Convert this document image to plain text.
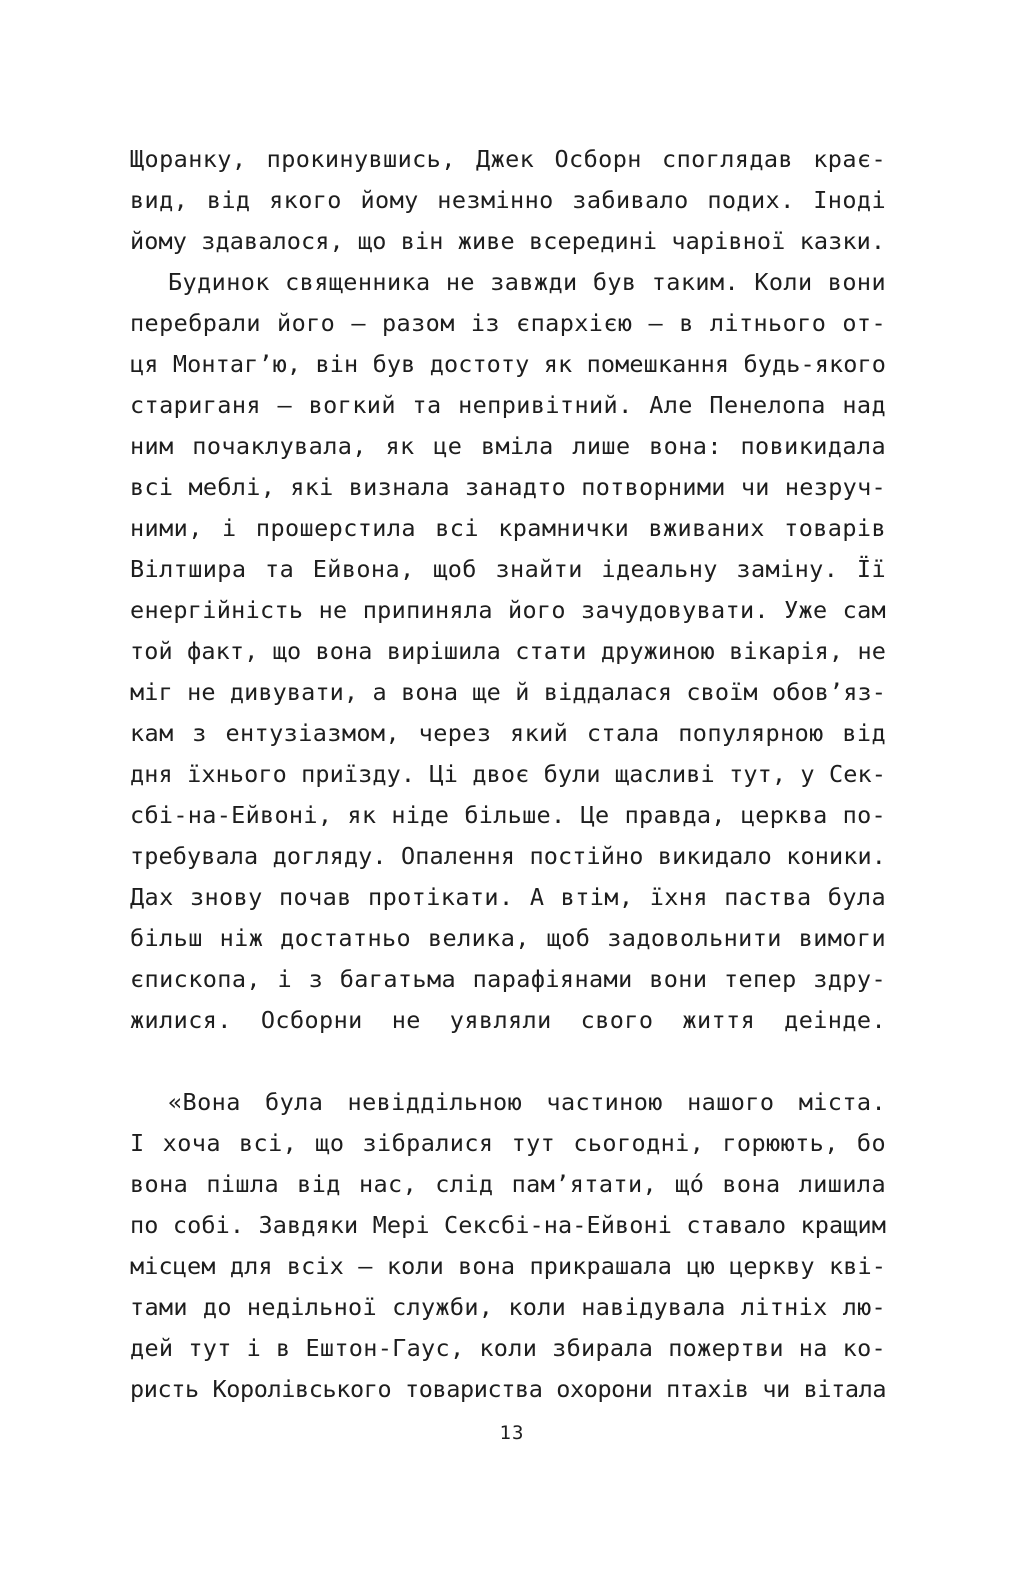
Щоранку, прокинувшись, Джек Осборн споглядав крає-
вид, від якого йому незмінно забивало подих. Іноді
йому здавалося, що він живе всередині чарівної казки.
Будинок священника не завжди був таким. Коли вони
перебрали його — разом із єпархією — в літнього от-
ця Монтаг’ю, він був достоту як помешкання будь-якого
стариганя — вогкий та непривітний. Але Пенелопа над
ним почаклувала, як це вміла лише вона: повикидала
всі меблі, які визнала занадто потворними чи незруч-
ними, і прошерстила всі крамнички вживаних товарів
Вілтшира та Ейвона, щоб знайти ідеальну заміну. Її
енергійність не припиняла його зачудовувати. Уже сам
той факт, що вона вирішила стати дружиною вікарія, не
міг не дивувати, а вона ще й віддалася своїм обов’яз-
кам з ентузіазмом, через який стала популярною від
дня їхнього приїзду. Ці двоє були щасливі тут, у Сек-
сбі-на-Ейвоні, як ніде більше. Це правда, церква по-
требувала догляду. Опалення постійно викидало коники.
Дах знову почав протікати. А втім, їхня паства була
більш ніж достатньо велика, щоб задовольнити вимоги
єпископа, і з багатьма парафіянами вони тепер здру-
жилися. Осборни не уявляли свого життя деінде.
«Вона була невіддільною частиною нашого міста.
І хоча всі, що зібралися тут сьогодні, горюють, бо
вона пішла від нас, слід пам’ятати, що́ вона лишила
по собі. Завдяки Мері Сексбі-на-Ейвоні ставало кращим
місцем для всіх — коли вона прикрашала цю церкву кві-
тами до недільної служби, коли навідувала літніх лю-
дей тут і в Ештон-Гаус, коли збирала пожертви на ко-
ристь Королівського товариства охорони птахів чи вітала
13
